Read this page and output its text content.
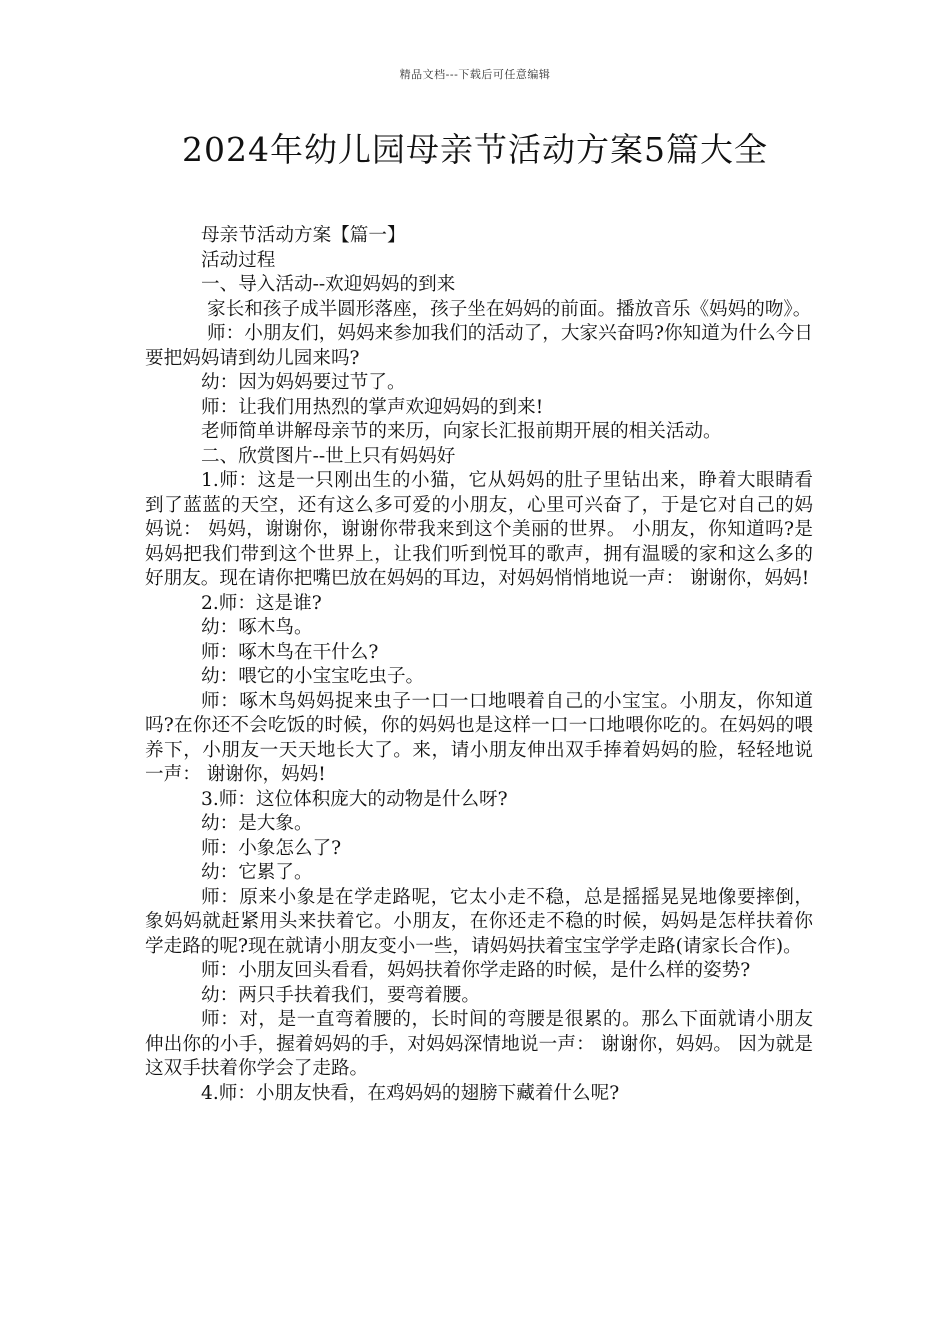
精品文档---下载后可任意编辑
2024年幼儿园母亲节活动方案5篇大全

母亲节活动方案【篇一】

活动过程

一、导入活动--欢迎妈妈的到来

家长和孩子成半圆形落座，孩子坐在妈妈的前面。播放音乐《妈妈的吻》。

师：小朋友们，妈妈来参加我们的活动了，大家兴奋吗?你知道为什么今日要把妈妈请到幼儿园来吗?

幼：因为妈妈要过节了。

师：让我们用热烈的掌声欢迎妈妈的到来!

老师简单讲解母亲节的来历，向家长汇报前期开展的相关活动。

二、欣赏图片--世上只有妈妈好

1.师：这是一只刚出生的小猫，它从妈妈的肚子里钻出来，睁着大眼睛看到了蓝蓝的天空，还有这么多可爱的小朋友，心里可兴奋了，于是它对自己的妈妈说： 妈妈，谢谢你，谢谢你带我来到这个美丽的世界。 小朋友，你知道吗?是妈妈把我们带到这个世界上，让我们听到悦耳的歌声，拥有温暖的家和这么多的好朋友。现在请你把嘴巴放在妈妈的耳边，对妈妈悄悄地说一声： 谢谢你，妈妈!

2.师：这是谁?

幼：啄木鸟。

师：啄木鸟在干什么?

幼：喂它的小宝宝吃虫子。

师：啄木鸟妈妈捉来虫子一口一口地喂着自己的小宝宝。小朋友，你知道吗?在你还不会吃饭的时候，你的妈妈也是这样一口一口地喂你吃的。在妈妈的喂养下，小朋友一天天地长大了。来，请小朋友伸出双手捧着妈妈的脸，轻轻地说一声： 谢谢你，妈妈!

3.师：这位体积庞大的动物是什么呀?

幼：是大象。

师：小象怎么了?

幼：它累了。

师：原来小象是在学走路呢，它太小走不稳，总是摇摇晃晃地像要摔倒，象妈妈就赶紧用头来扶着它。小朋友，在你还走不稳的时候，妈妈是怎样扶着你学走路的呢?现在就请小朋友变小一些，请妈妈扶着宝宝学学走路(请家长合作)。

师：小朋友回头看看，妈妈扶着你学走路的时候，是什么样的姿势?

幼：两只手扶着我们，要弯着腰。

师：对，是一直弯着腰的，长时间的弯腰是很累的。那么下面就请小朋友伸出你的小手，握着妈妈的手，对妈妈深情地说一声： 谢谢你，妈妈。 因为就是这双手扶着你学会了走路。

4.师：小朋友快看，在鸡妈妈的翅膀下藏着什么呢?
